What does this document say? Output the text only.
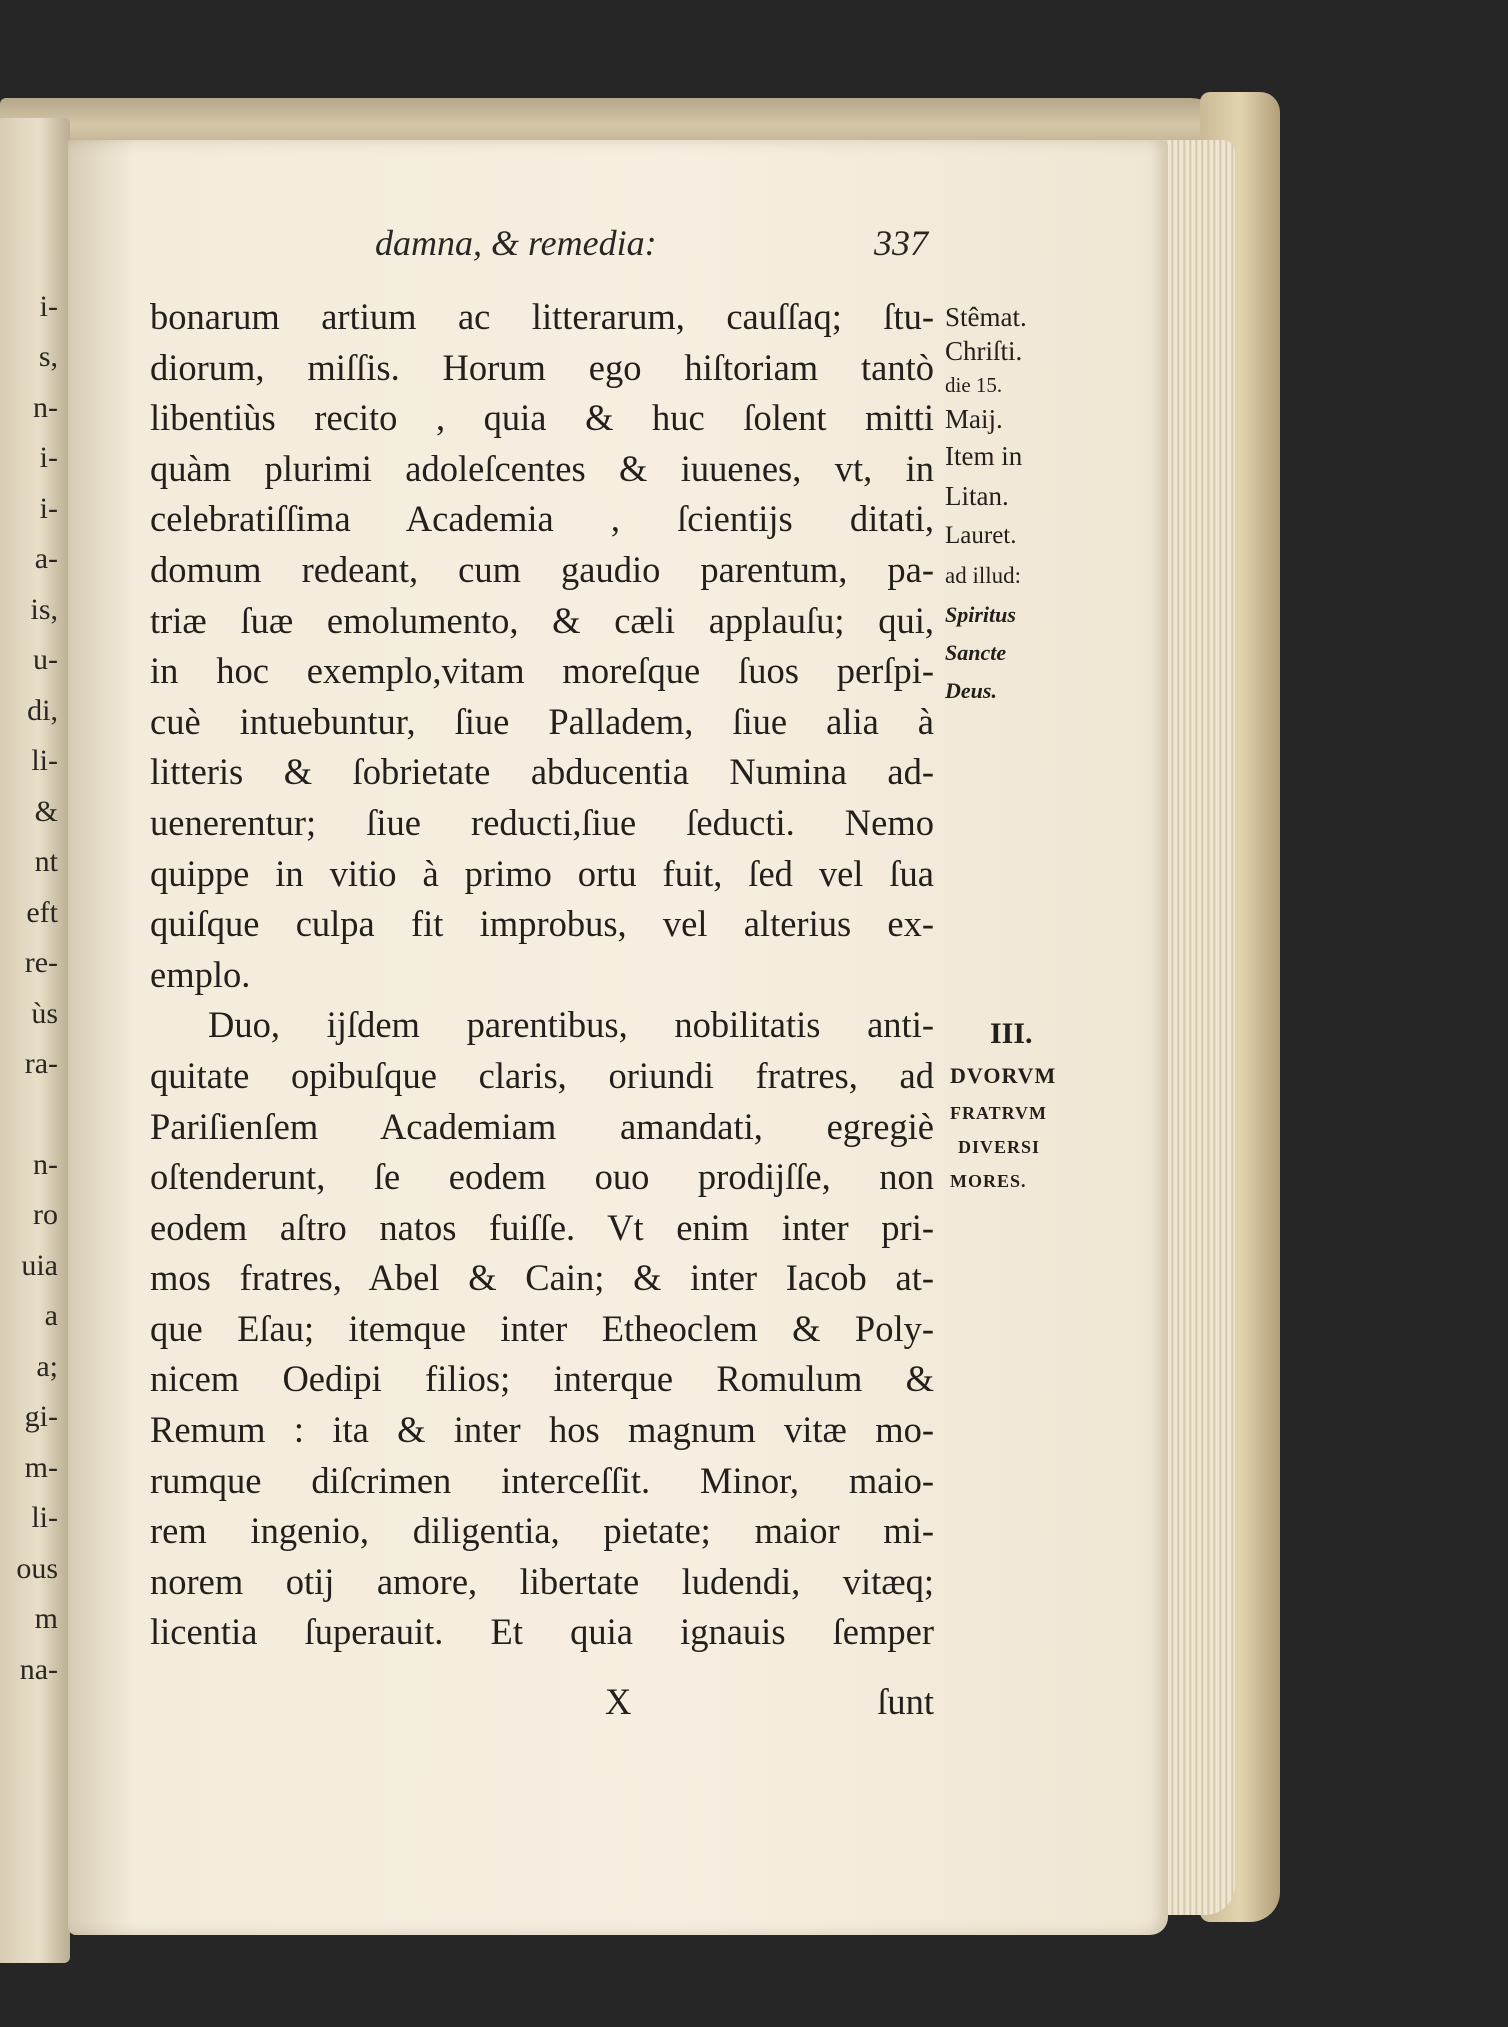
i-
s,
n-
i-
i-
a-
is,
u-
di,
li-
&
nt
eft
re-
ùs
ra-
n-
ro
uia
a
a;
gi-
m-
li-
ous
m
na-
damna, & remedia:	337
bonarum artium ac litterarum, cauſſaq; ſtu-
diorum, miſſis. Horum ego hiſtoriam tantò
libentiùs recito , quia & huc ſolent mitti
quàm plurimi adoleſcentes & iuuenes, vt, in
celebratiſſima Academia , ſcientijs ditati,
domum redeant, cum gaudio parentum, pa-
triæ ſuæ emolumento, & cæli applauſu; qui,
in hoc exemplo,vitam moreſque ſuos perſpi-
cuè intuebuntur, ſiue Palladem, ſiue alia à
litteris & ſobrietate abducentia Numina ad-
uenerentur; ſiue reducti,ſiue ſeducti. Nemo
quippe in vitio à primo ortu fuit, ſed vel ſua
quiſque culpa fit improbus, vel alterius ex-
emplo.
Duo, ijſdem parentibus, nobilitatis anti-
quitate opibuſque claris, oriundi fratres, ad
Pariſienſem Academiam amandati, egregiè
oſtenderunt, ſe eodem ouo prodijſſe, non
eodem aſtro natos fuiſſe. Vt enim inter pri-
mos fratres, Abel & Cain; & inter Iacob at-
que Eſau; itemque inter Etheoclem & Poly-
nicem Oedipi filios; interque Romulum &
Remum : ita & inter hos magnum vitæ mo-
rumque diſcrimen interceſſit. Minor, maio-
rem ingenio, diligentia, pietate; maior mi-
norem otij amore, libertate ludendi, vitæq;
licentia ſuperauit. Et quia ignauis ſemper
Stêmat.
Chriſti.
die 15.
Maij.
Item in
Litan.
Lauret.
ad illud:
Spiritus
Sancte
Deus.
III.
DVORVM
FRATRVM
DIVERSI
MORES.
X	ſunt
